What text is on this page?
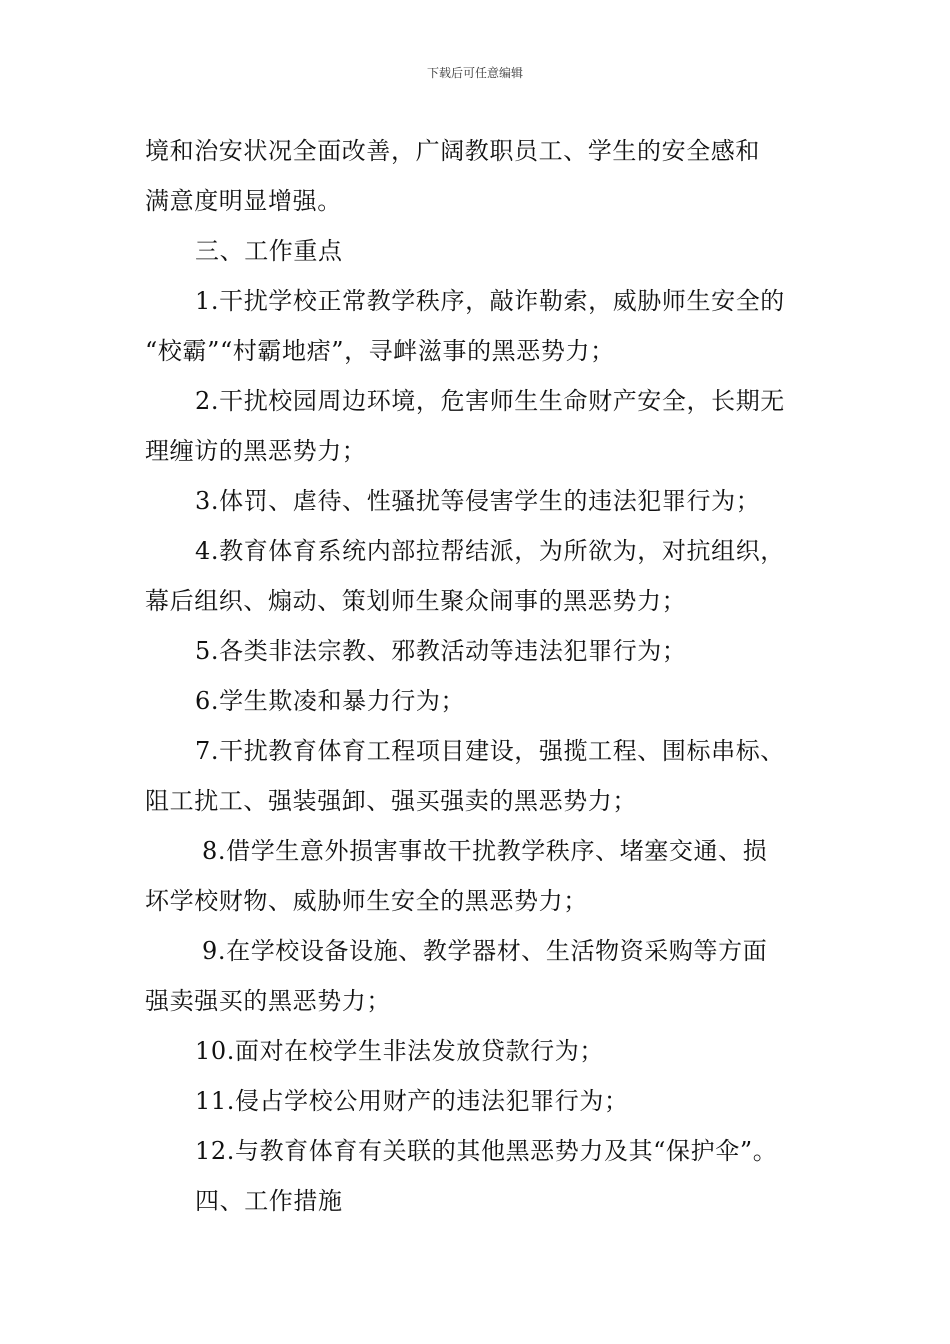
下载后可任意编辑
境和治安状况全面改善，广阔教职员工、学生的安全感和
满意度明显增强。
三、工作重点
1.干扰学校正常教学秩序，敲诈勒索，威胁师生安全的
“校霸”“村霸地痞”，寻衅滋事的黑恶势力；
2.干扰校园周边环境，危害师生生命财产安全，长期无
理缠访的黑恶势力；
3.体罚、虐待、性骚扰等侵害学生的违法犯罪行为；
4.教育体育系统内部拉帮结派，为所欲为，对抗组织，
幕后组织、煽动、策划师生聚众闹事的黑恶势力；
5.各类非法宗教、邪教活动等违法犯罪行为；
6.学生欺凌和暴力行为；
7.干扰教育体育工程项目建设，强揽工程、围标串标、
阻工扰工、强装强卸、强买强卖的黑恶势力；
8.借学生意外损害事故干扰教学秩序、堵塞交通、损
坏学校财物、威胁师生安全的黑恶势力；
9.在学校设备设施、教学器材、生活物资采购等方面
强卖强买的黑恶势力；
10.面对在校学生非法发放贷款行为；
11.侵占学校公用财产的违法犯罪行为；
12.与教育体育有关联的其他黑恶势力及其“保护伞”。
四、工作措施
